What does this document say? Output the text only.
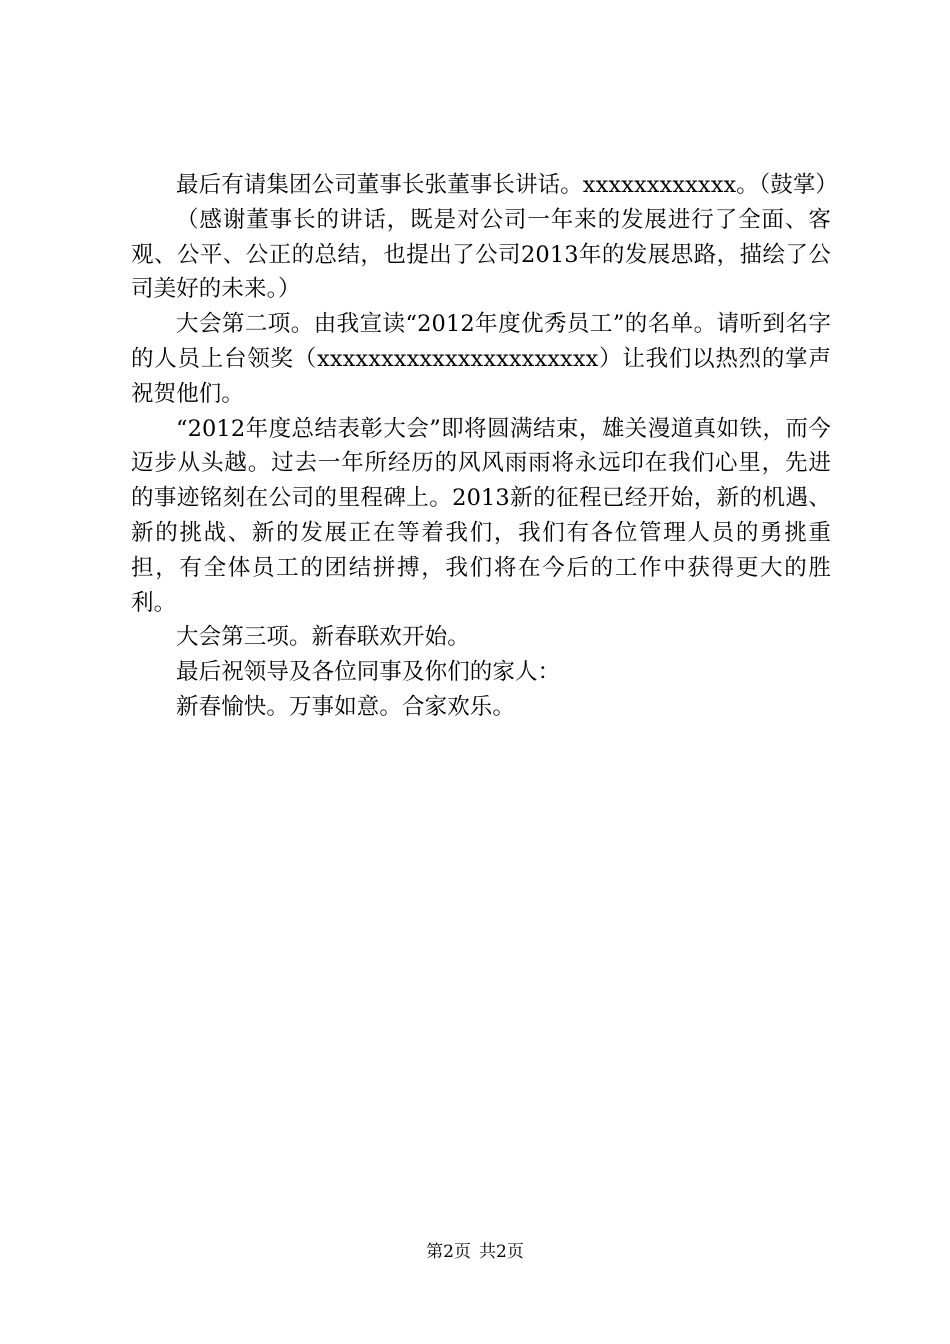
最后有请集团公司董事长张董事长讲话。xxxxxxxxxxxx。（鼓掌）

（感谢董事长的讲话，既是对公司一年来的发展进行了全面、客观、公平、公正的总结，也提出了公司2013年的发展思路，描绘了公司美好的未来。）

大会第二项。由我宣读“2012年度优秀员工”的名单。请听到名字的人员上台领奖（xxxxxxxxxxxxxxxxxxxxxx）让我们以热烈的掌声祝贺他们。

“2012年度总结表彰大会”即将圆满结束，雄关漫道真如铁，而今迈步从头越。过去一年所经历的风风雨雨将永远印在我们心里，先进的事迹铭刻在公司的里程碑上。2013新的征程已经开始，新的机遇、新的挑战、新的发展正在等着我们，我们有各位管理人员的勇挑重担，有全体员工的团结拼搏，我们将在今后的工作中获得更大的胜利。

大会第三项。新春联欢开始。

最后祝领导及各位同事及你们的家人：

新春愉快。万事如意。合家欢乐。

第2页 共2页
